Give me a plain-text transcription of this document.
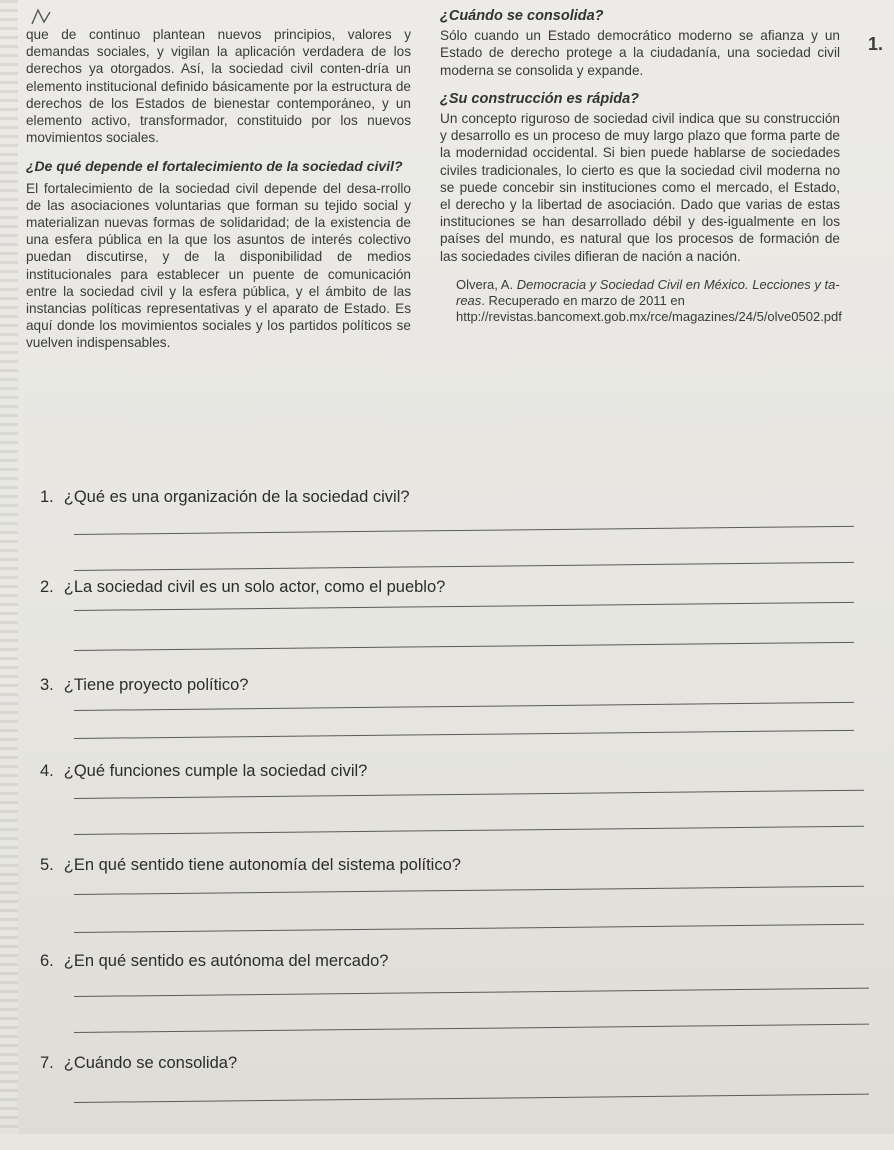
1.

que de continuo plantean nuevos principios, valores y demandas sociales, y vigilan la aplicación verdadera de los derechos ya otorgados. Así, la sociedad civil conten-dría un elemento institucional definido básicamente por la estructura de derechos de los Estados de bienestar contemporáneo, y un elemento activo, transformador, constituido por los nuevos movimientos sociales.

¿De qué depende el fortalecimiento de la sociedad civil?

El fortalecimiento de la sociedad civil depende del desa-rrollo de las asociaciones voluntarias que forman su tejido social y materializan nuevas formas de solidaridad; de la existencia de una esfera pública en la que los asuntos de interés colectivo puedan discutirse, y de la disponibilidad de medios institucionales para establecer un puente de comunicación entre la sociedad civil y la esfera pública, y el ámbito de las instancias políticas representativas y el aparato de Estado. Es aquí donde los movimientos sociales y los partidos políticos se vuelven indispensables.

¿Cuándo se consolida?

Sólo cuando un Estado democrático moderno se afianza y un Estado de derecho protege a la ciudadanía, una sociedad civil moderna se consolida y expande.

¿Su construcción es rápida?

Un concepto riguroso de sociedad civil indica que su construcción y desarrollo es un proceso de muy largo plazo que forma parte de la modernidad occidental. Si bien puede hablarse de sociedades civiles tradicionales, lo cierto es que la sociedad civil moderna no se puede concebir sin instituciones como el mercado, el Estado, el derecho y la libertad de asociación. Dado que varias de estas instituciones se han desarrollado débil y des-igualmente en los países del mundo, es natural que los procesos de formación de las sociedades civiles difieran de nación a nación.

Olvera, A. Democracia y Sociedad Civil en México. Lecciones y ta-reas. Recuperado en marzo de 2011 en http://revistas.bancomext.gob.mx/rce/magazines/24/5/olve0502.pdf

1. ¿Qué es una organización de la sociedad civil?
2. ¿La sociedad civil es un solo actor, como el pueblo?
3. ¿Tiene proyecto político?
4. ¿Qué funciones cumple la sociedad civil?
5. ¿En qué sentido tiene autonomía del sistema político?
6. ¿En qué sentido es autónoma del mercado?
7. ¿Cuándo se consolida?
